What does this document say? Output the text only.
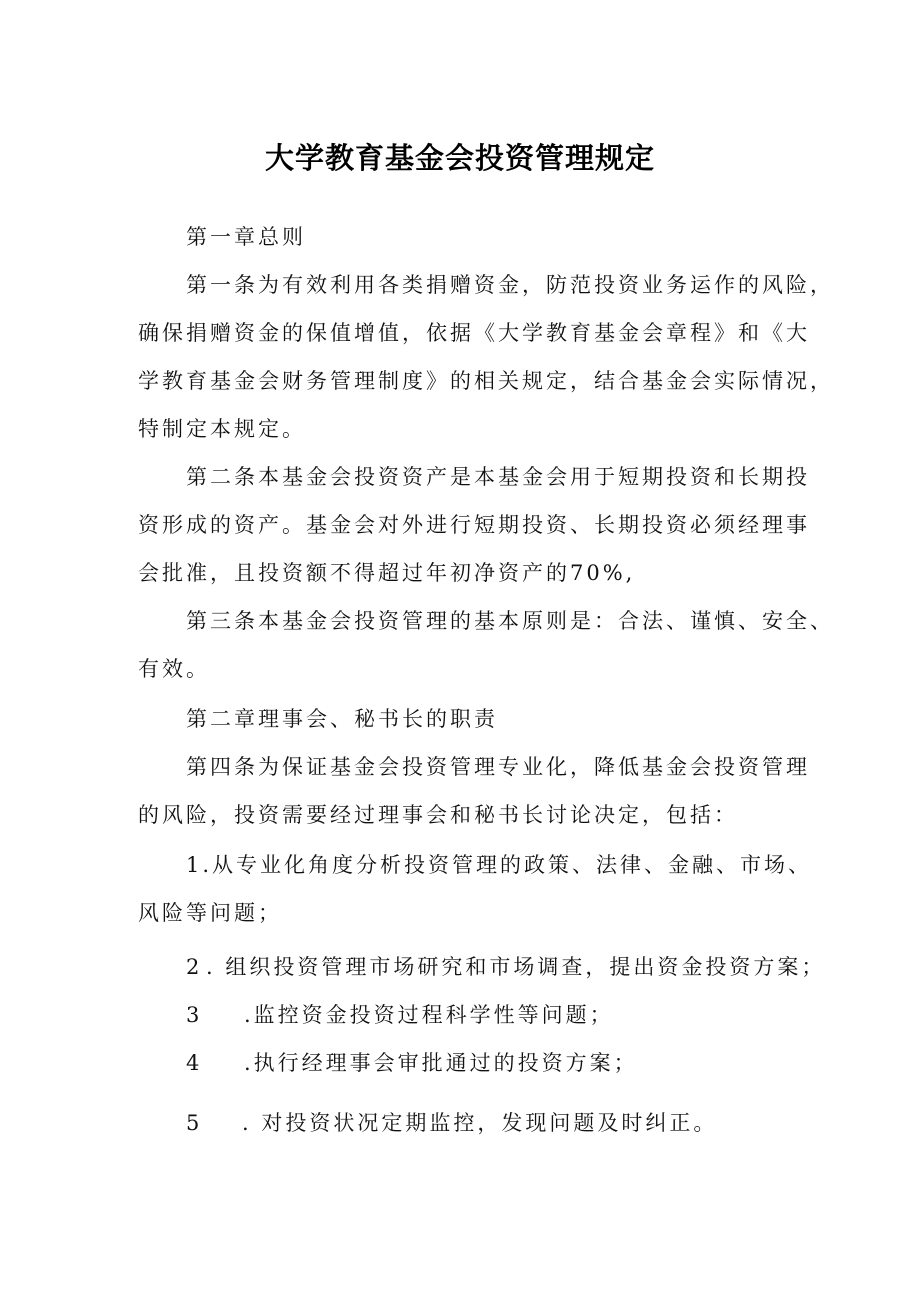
大学教育基金会投资管理规定
第一章总则
第一条为有效利用各类捐赠资金，防范投资业务运作的风险，
确保捐赠资金的保值增值，依据《大学教育基金会章程》和《大
学教育基金会财务管理制度》的相关规定，结合基金会实际情况，
特制定本规定。
第二条本基金会投资资产是本基金会用于短期投资和长期投
资形成的资产。基金会对外进行短期投资、长期投资必须经理事
会批准，且投资额不得超过年初净资产的70%,
第三条本基金会投资管理的基本原则是：合法、谨慎、安全、
有效。
第二章理事会、秘书长的职责
第四条为保证基金会投资管理专业化，降低基金会投资管理
的风险，投资需要经过理事会和秘书长讨论决定，包括：
1.从专业化角度分析投资管理的政策、法律、金融、市场、
风险等问题；
2 . 组织投资管理市场研究和市场调查，提出资金投资方案；
3 .监控资金投资过程科学性等问题；
4 .执行经理事会审批通过的投资方案；
5 . 对投资状况定期监控，发现问题及时纠正。
